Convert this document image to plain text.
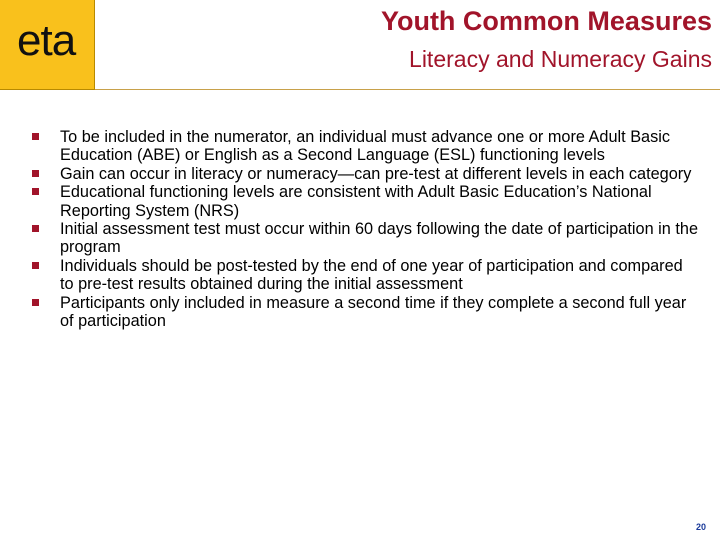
eta	Youth Common Measures
Literacy and Numeracy Gains
To be included in the numerator, an individual must advance one or more Adult Basic Education (ABE) or English as a Second Language (ESL) functioning levels
Gain can occur in literacy or numeracy—can pre-test at different levels in each category
Educational functioning levels are consistent with Adult Basic Education’s National Reporting System (NRS)
Initial assessment test must occur within 60 days following the date of participation in the program
Individuals should be post-tested by the end of one year of participation and compared to pre-test results obtained during the initial assessment
Participants only included in measure a second time if they complete a second full year of participation
20
